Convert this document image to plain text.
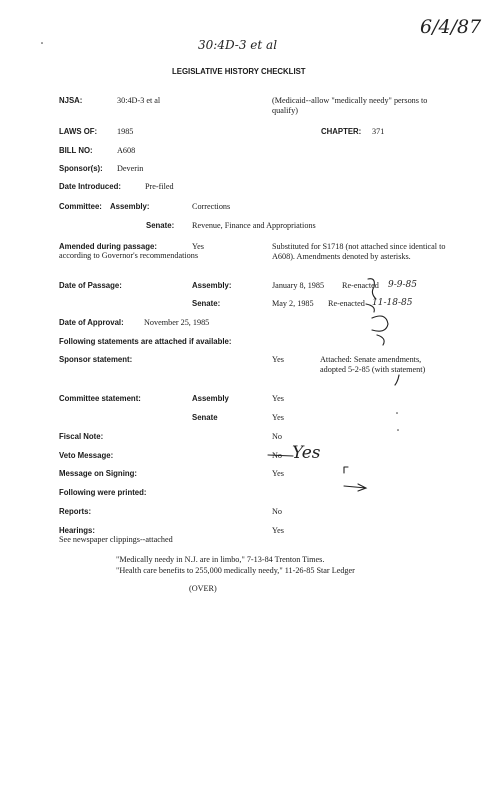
6/4/87
30:4D-3 et al
LEGISLATIVE HISTORY CHECKLIST
NJSA:	30:4D-3 et al	(Medicaid--allow "medically needy" persons to qualify)
LAWS OF: 1985	CHAPTER: 371
BILL NO:	A608
Sponsor(s): Deverin
Date Introduced:	Pre-filed
Committee: Assembly:	Corrections
Senate: Revenue, Finance and Appropriations
Amended during passage:	Yes
according to Governor's recommendations
Substituted for S1718 (not attached since identical to A608). Amendments denoted by asterisks.
Date of Passage:	Assembly:	January 8, 1985 Re-enacted 9-9-85
Senate:	May 2, 1985 Re-enacted 11-18-85
Date of Approval: November 25, 1985
Following statements are attached if available:
Sponsor statement:	Yes	Attached: Senate amendments, adopted 5-2-85 (with statement)
Committee statement:	Assembly	Yes
Senate	Yes
Fiscal Note:	No
Veto Message:	No Yes
Message on Signing:	Yes
Following were printed:
Reports:	No
Hearings:	Yes
See newspaper clippings--attached
"Medically needy in N.J. are in limbo," 7-13-84 Trenton Times.
"Health care benefits to 255,000 medically needy," 11-26-85 Star Ledger
(OVER)
